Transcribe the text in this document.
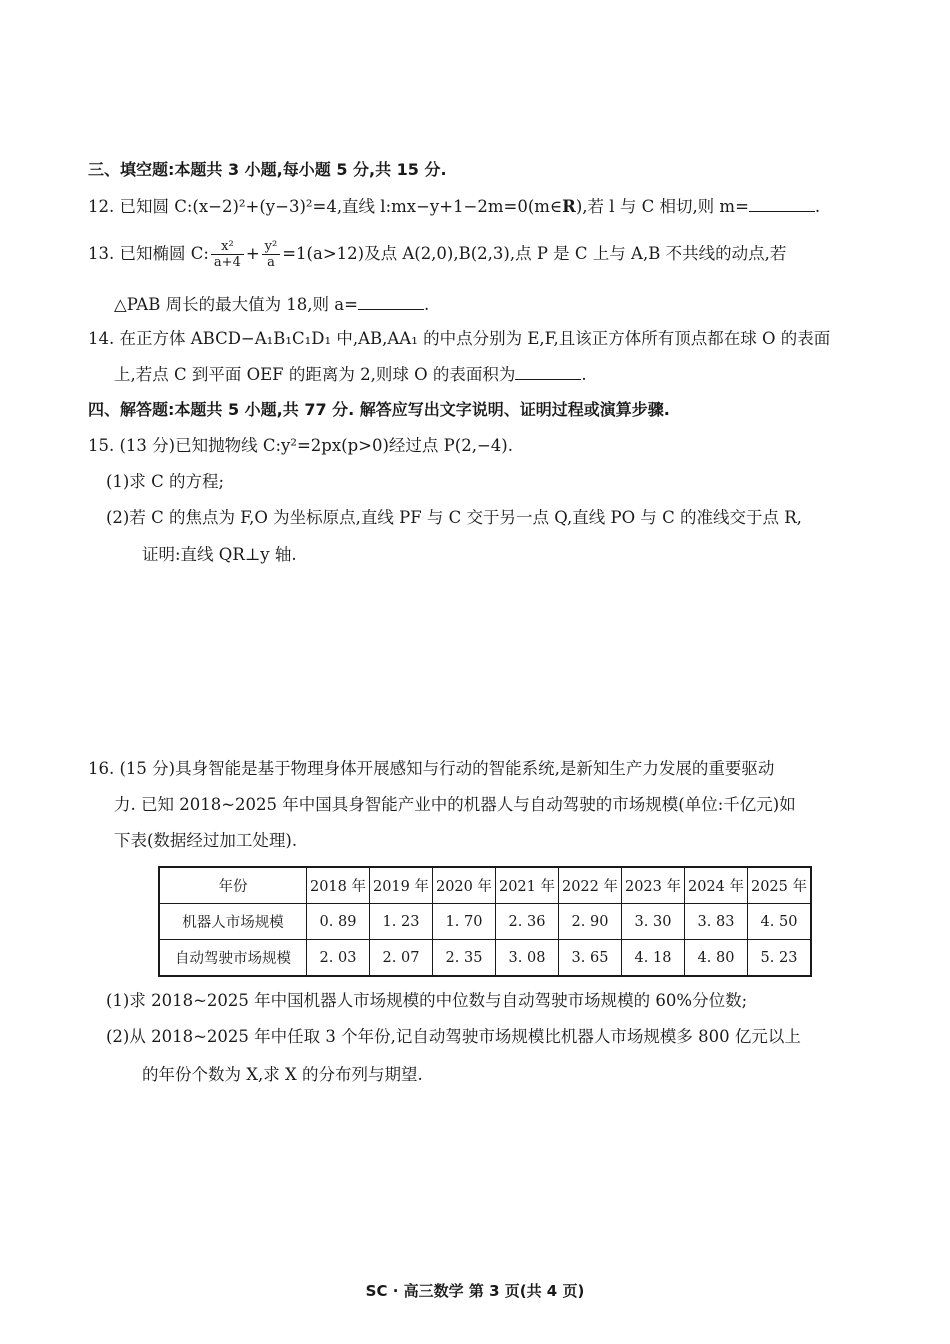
三、填空题:本题共 3 小题,每小题 5 分,共 15 分.
12. 已知圆 C:(x−2)²+(y−3)²=4,直线 l:mx−y+1−2m=0(m∈R),若 l 与 C 相切,则 m=	.
13. 已知椭圆 C: $\frac{\text{x²}}{a+4} + \frac{\text{y²}}{a} =1(a>12)$及点 A(2,0),B(2,3),点 P 是 C 上与 A,B 不共线的动点,若
△PAB 周长的最大值为 18,则 a=	.
14. 在正方体 ABCD−A₁B₁C₁D₁ 中,AB,AA₁ 的中点分别为 E,F,且该正方体所有顶点都在球 O 的表面
上,若点 C 到平面 OEF 的距离为 2,则球 O 的表面积为	.
四、解答题:本题共 5 小题,共 77 分. 解答应写出文字说明、证明过程或演算步骤.
15. (13 分)已知抛物线 C:y²=2px(p>0)经过点 P(2,−4).
(1)求 C 的方程;
(2)若 C 的焦点为 F,O 为坐标原点,直线 PF 与 C 交于另一点 Q,直线 PO 与 C 的准线交于点 R,
证明:直线 QR⊥y 轴.
16. (15 分)具身智能是基于物理身体开展感知与行动的智能系统,是新知生产力发展的重要驱动
力. 已知 2018~2025 年中国具身智能产业中的机器人与自动驾驶的市场规模(单位:千亿元)如
下表(数据经过加工处理).
年份	2018 年	2019 年	2020 年	2021 年	2022 年	2023 年	2024 年	2025 年
机器人市场规模	0. 89	1. 23	1. 70	2. 36	2. 90	3. 30	3. 83	4. 50
自动驾驶市场规模	2. 03	2. 07	2. 35	3. 08	3. 65	4. 18	4. 80	5. 23
(1)求 2018~2025 年中国机器人市场规模的中位数与自动驾驶市场规模的 60%分位数;
(2)从 2018~2025 年中任取 3 个年份,记自动驾驶市场规模比机器人市场规模多 800 亿元以上
的年份个数为 X,求 X 的分布列与期望.
SC · 高三数学 第 3 页(共 4 页)
